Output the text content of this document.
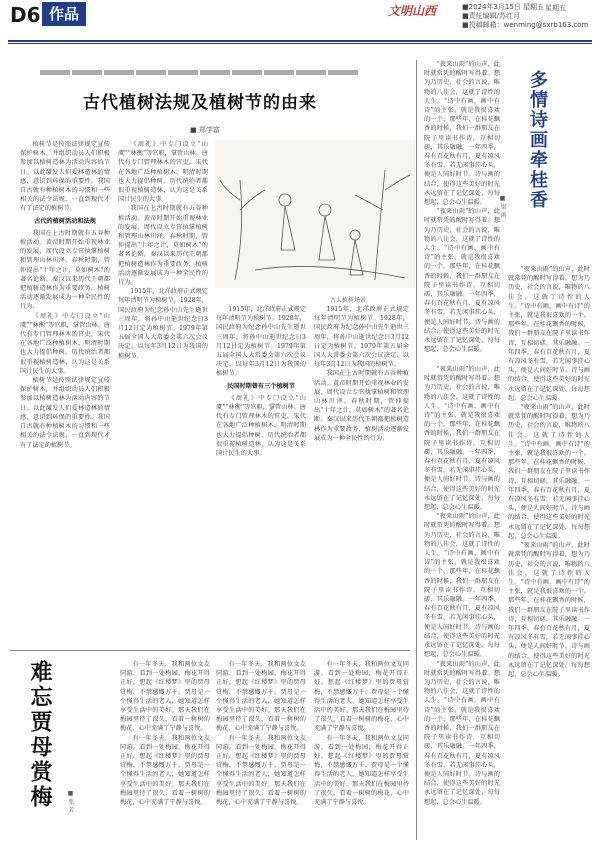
D6 作品	文明山西	■2024年3月15日 星期五
■责任编辑/苏红月
■投稿邮箱：wenming@sxrb163.com
星期五
古代植树法规及植树节的由来
■ 郑学富

植树节是按照法律规定宣传保护树木，并组织动员人们积极参加以植树造林为活动内容的节日。以此激发人们爱林造林的情感，意识到环保的重要性。我国自古就有种植树木的习惯和一些相关的法令法规，一直到现代才有了法定的植树节。

古代的植树活动和法规

我国在上古时期就有五谷种植活动。黄帝时期开始重视林业的发展，周代设立专官执掌植树和管理山林川泽。春秋时期，管仲提出“十年之计，莫如树木”的著名论断。秦汉以来历代王朝都把植树造林作为重要政务，植树活动逐渐发展成为一种全民性的行为。

《周礼》中专门设立“山虞”“林衡”等官职，掌管山林。唐代有专门管理林木的官吏，宋代在各地广泛种植树木，明清时期也大力提倡种树。历代统治者都很重视植树造林，认为这是关系国计民生的大事。

植树节是按照法律规定宣传保护树木，并组织动员人们积极参加以植树造林为活动内容的节日。以此激发人们爱林造林的情感，意识到环保的重要性。我国自古就有种植树木的习惯和一些相关的法令法规，一直到现代才有了法定的植树节。

《周礼》中专门设立“山虞”“林衡”等官职，掌管山林。唐代有专门管理林木的官吏，宋代在各地广泛种植树木，明清时期也大力提倡种树。历代统治者都很重视植树造林，认为这是关系国计民生的大事。

我国在上古时期就有五谷种植活动。黄帝时期开始重视林业的发展，周代设立专官执掌植树和管理山林川泽。春秋时期，管仲提出“十年之计，莫如树木”的著名论断。秦汉以来历代王朝都把植树造林作为重要政务，植树活动逐渐发展成为一种全民性的行为。

1915年，北洋政府正式规定每年清明节为植树节。1928年，国民政府为纪念孙中山先生逝世三周年，将孙中山逝世纪念日3月12日定为植树节。1979年第五届全国人大常委会第六次会议决定，以每年3月12日为我国的植树节。

1915年，北洋政府正式规定每年清明节为植树节。1928年，国民政府为纪念孙中山先生逝世三周年，将孙中山逝世纪念日3月12日定为植树节。1979年第五届全国人大常委会第六次会议决定，以每年3月12日为我国的植树节。

民国时期曾有三个植树节

《周礼》中专门设立“山虞”“林衡”等官职，掌管山林。唐代有专门管理林木的官吏，宋代在各地广泛种植树木，明清时期也大力提倡种树。历代统治者都很重视植树造林，认为这是关系国计民生的大事。

1915年，北洋政府正式规定每年清明节为植树节。1928年，国民政府为纪念孙中山先生逝世三周年，将孙中山逝世纪念日3月12日定为植树节。1979年第五届全国人大常委会第六次会议决定，以每年3月12日为我国的植树节。

我国在上古时期就有五谷种植活动。黄帝时期开始重视林业的发展，周代设立专官执掌植树和管理山林川泽。春秋时期，管仲提出“十年之计，莫如树木”的著名论断。秦汉以来历代王朝都把植树造林作为重要政务，植树活动逐渐发展成为一种全民性的行为。

古人植树场景
多情诗画牵桂香
■ 梁 洪

“夜来山雨”的山声，此时就常凭的醒时写得着。想为乃历史，社会的言说，唯物的八佳会，这就了诗性的人生。“诗中有画，画中有诗”的主张，就是我很喜欢的一个。那些年，在桂花飘香的时候，我们一群朋友在院子里读书作诗，互相切磋，其乐融融。一年四季，春有百花秋有月，夏有凉风冬有雪，若无闲事挂心头，便是人间好时节。诗与画的结合，使得这些美好的时光永远留在了记忆深处，每每想起，总会心生温暖。

“夜来山雨”的山声，此时就常凭的醒时写得着。想为乃历史，社会的言说，唯物的八佳会，这就了诗性的人生。“诗中有画，画中有诗”的主张，就是我很喜欢的一个。那些年，在桂花飘香的时候，我们一群朋友在院子里读书作诗，互相切磋，其乐融融。一年四季，春有百花秋有月，夏有凉风冬有雪，若无闲事挂心头，便是人间好时节。诗与画的结合，使得这些美好的时光永远留在了记忆深处，每每想起，总会心生温暖。

“夜来山雨”的山声，此时就常凭的醒时写得着。想为乃历史，社会的言说，唯物的八佳会，这就了诗性的人生。“诗中有画，画中有诗”的主张，就是我很喜欢的一个。那些年，在桂花飘香的时候，我们一群朋友在院子里读书作诗，互相切磋，其乐融融。一年四季，春有百花秋有月，夏有凉风冬有雪，若无闲事挂心头，便是人间好时节。诗与画的结合，使得这些美好的时光永远留在了记忆深处，每每想起，总会心生温暖。

“夜来山雨”的山声，此时就常凭的醒时写得着。想为乃历史，社会的言说，唯物的八佳会，这就了诗性的人生。“诗中有画，画中有诗”的主张，就是我很喜欢的一个。那些年，在桂花飘香的时候，我们一群朋友在院子里读书作诗，互相切磋，其乐融融。一年四季，春有百花秋有月，夏有凉风冬有雪，若无闲事挂心头，便是人间好时节。诗与画的结合，使得这些美好的时光永远留在了记忆深处，每每想起，总会心生温暖。

“夜来山雨”的山声，此时就常凭的醒时写得着。想为乃历史，社会的言说，唯物的八佳会，这就了诗性的人生。“诗中有画，画中有诗”的主张，就是我很喜欢的一个。那些年，在桂花飘香的时候，我们一群朋友在院子里读书作诗，互相切磋，其乐融融。一年四季，春有百花秋有月，夏有凉风冬有雪，若无闲事挂心头，便是人间好时节。诗与画的结合，使得这些美好的时光永远留在了记忆深处，每每想起，总会心生温暖。

“夜来山雨”的山声，此时就常凭的醒时写得着。想为乃历史，社会的言说，唯物的八佳会，这就了诗性的人生。“诗中有画，画中有诗”的主张，就是我很喜欢的一个。那些年，在桂花飘香的时候，我们一群朋友在院子里读书作诗，互相切磋，其乐融融。一年四季，春有百花秋有月，夏有凉风冬有雪，若无闲事挂心头，便是人间好时节。诗与画的结合，使得这些美好的时光永远留在了记忆深处，每每想起，总会心生温暖。

“夜来山雨”的山声，此时就常凭的醒时写得着。想为乃历史，社会的言说，唯物的八佳会，这就了诗性的人生。“诗中有画，画中有诗”的主张，就是我很喜欢的一个。那些年，在桂花飘香的时候，我们一群朋友在院子里读书作诗，互相切磋，其乐融融。一年四季，春有百花秋有月，夏有凉风冬有雪，若无闲事挂心头，便是人间好时节。诗与画的结合，使得这些美好的时光永远留在了记忆深处，每每想起，总会心生温暖。

“夜来山雨”的山声，此时就常凭的醒时写得着。想为乃历史，社会的言说，唯物的八佳会，这就了诗性的人生。“诗中有画，画中有诗”的主张，就是我很喜欢的一个。那些年，在桂花飘香的时候，我们一群朋友在院子里读书作诗，互相切磋，其乐融融。一年四季，春有百花秋有月，夏有凉风冬有雪，若无闲事挂心头，便是人间好时节。诗与画的结合，使得这些美好的时光永远留在了记忆深处，每每想起，总会心生温暖。

难忘贾母赏梅	■ 张 芳

有一年冬天，我和两位文友同游，看到一处梅园，梅花开得正好。想起《红楼梦》里的贾母赏梅，不禁感慨万千。贾母是一个懂得生活的老人，她知道怎样享受生活中的美好。那天我们在梅园里待了很久，看着一树树的梅花，心中充满了宁静与喜悦。

有一年冬天，我和两位文友同游，看到一处梅园，梅花开得正好。想起《红楼梦》里的贾母赏梅，不禁感慨万千。贾母是一个懂得生活的老人，她知道怎样享受生活中的美好。那天我们在梅园里待了很久，看着一树树的梅花，心中充满了宁静与喜悦。

有一年冬天，我和两位文友同游，看到一处梅园，梅花开得正好。想起《红楼梦》里的贾母赏梅，不禁感慨万千。贾母是一个懂得生活的老人，她知道怎样享受生活中的美好。那天我们在梅园里待了很久，看着一树树的梅花，心中充满了宁静与喜悦。

有一年冬天，我和两位文友同游，看到一处梅园，梅花开得正好。想起《红楼梦》里的贾母赏梅，不禁感慨万千。贾母是一个懂得生活的老人，她知道怎样享受生活中的美好。那天我们在梅园里待了很久，看着一树树的梅花，心中充满了宁静与喜悦。

有一年冬天，我和两位文友同游，看到一处梅园，梅花开得正好。想起《红楼梦》里的贾母赏梅，不禁感慨万千。贾母是一个懂得生活的老人，她知道怎样享受生活中的美好。那天我们在梅园里待了很久，看着一树树的梅花，心中充满了宁静与喜悦。

有一年冬天，我和两位文友同游，看到一处梅园，梅花开得正好。想起《红楼梦》里的贾母赏梅，不禁感慨万千。贾母是一个懂得生活的老人，她知道怎样享受生活中的美好。那天我们在梅园里待了很久，看着一树树的梅花，心中充满了宁静与喜悦。
